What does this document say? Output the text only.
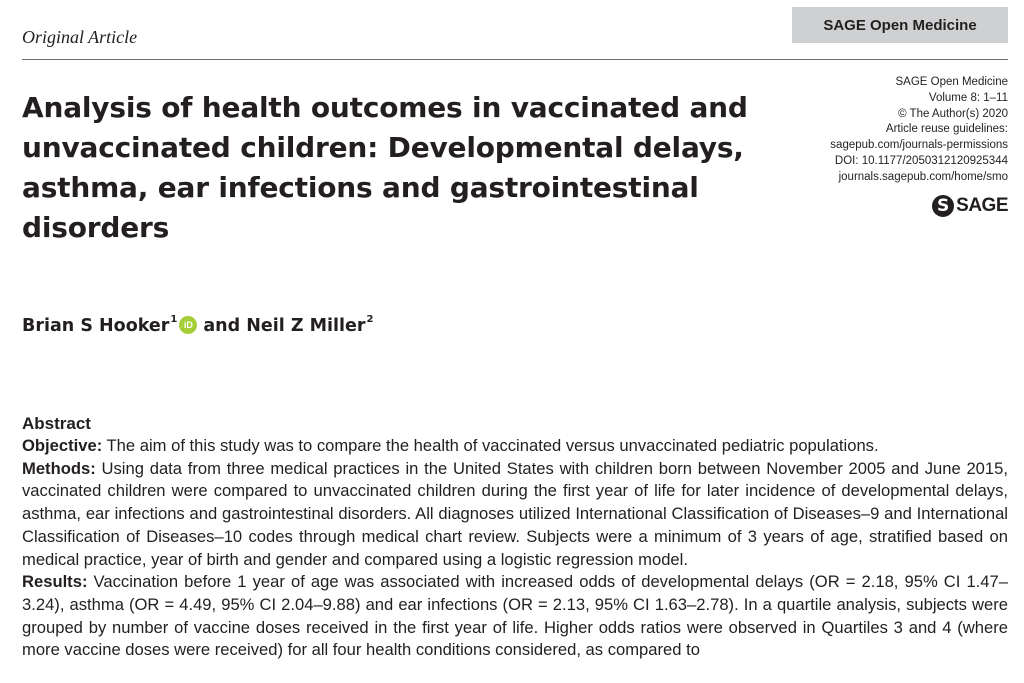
Original Article
SAGE Open Medicine
SAGE Open Medicine
Volume 8: 1–11
© The Author(s) 2020
Article reuse guidelines:
sagepub.com/journals-permissions
DOI: 10.1177/2050312120925344
journals.sagepub.com/home/smo
S SAGE
Analysis of health outcomes in vaccinated and unvaccinated children: Developmental delays, asthma, ear infections and gastrointestinal disorders
Brian S Hooker$^1$ iD and
Neil Z Miller$^2$
Abstract

Objective: The aim of this study was to compare the health of vaccinated versus unvaccinated pediatric populations.

Methods: Using data from three medical practices in the United States with children born between November 2005 and June 2015, vaccinated children were compared to unvaccinated children during the first year of life for later incidence of developmental delays, asthma, ear infections and gastrointestinal disorders. All diagnoses utilized International Classification of Diseases–9 and International Classification of Diseases–10 codes through medical chart review. Subjects were a minimum of 3 years of age, stratified based on medical practice, year of birth and gender and compared using a logistic regression model.

Results: Vaccination before 1 year of age was associated with increased odds of developmental delays (OR = 2.18, 95% CI 1.47–3.24), asthma (OR = 4.49, 95% CI 2.04–9.88) and ear infections (OR = 2.13, 95% CI 1.63–2.78). In a quartile analysis, subjects were grouped by number of vaccine doses received in the first year of life. Higher odds ratios were observed in Quartiles 3 and 4 (where more vaccine doses were received) for all four health conditions considered, as compared to
